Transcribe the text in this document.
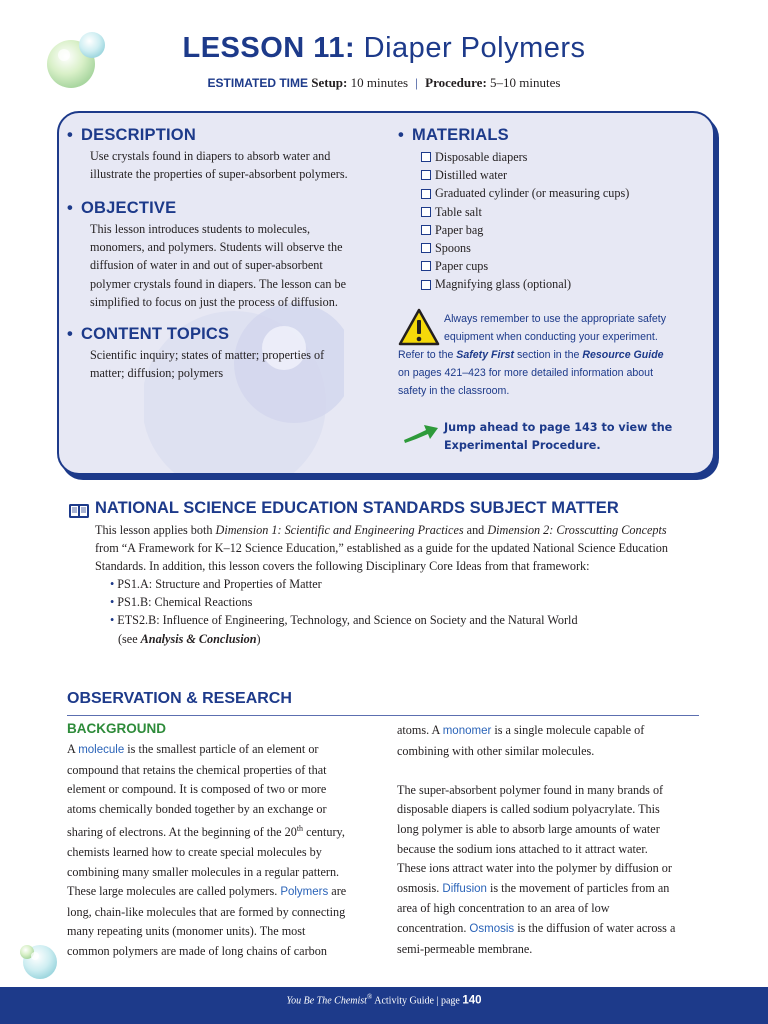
LESSON 11: Diaper Polymers
ESTIMATED TIME Setup: 10 minutes | Procedure: 5–10 minutes
• DESCRIPTION
Use crystals found in diapers to absorb water and
illustrate the properties of super-absorbent polymers.
• OBJECTIVE
This lesson introduces students to molecules,
monomers, and polymers. Students will observe the
diffusion of water in and out of super-absorbent
polymer crystals found in diapers. The lesson can be
simplified to focus on just the process of diffusion.
• CONTENT TOPICS
Scientific inquiry; states of matter; properties of
matter; diffusion; polymers
• MATERIALS
Disposable diapers
Distilled water
Graduated cylinder (or measuring cups)
Table salt
Paper bag
Spoons
Paper cups
Magnifying glass (optional)
Always remember to use the appropriate safety
equipment when conducting your experiment.
Refer to the Safety First section in the Resource Guide
on pages 421–423 for more detailed information about
safety in the classroom.
Jump ahead to page 143 to view the
Experimental Procedure.
NATIONAL SCIENCE EDUCATION STANDARDS SUBJECT MATTER
This lesson applies both Dimension 1: Scientific and Engineering Practices and Dimension 2: Crosscutting Concepts
from “A Framework for K–12 Science Education,” established as a guide for the updated National Science Education
Standards. In addition, this lesson covers the following Disciplinary Core Ideas from that framework:
• PS1.A: Structure and Properties of Matter
• PS1.B: Chemical Reactions
• ETS2.B: Influence of Engineering, Technology, and Science on Society and the Natural World
(see Analysis & Conclusion)
OBSERVATION & RESEARCH
BACKGROUND

A molecule is the smallest particle of an element or

compound that retains the chemical properties of that

element or compound. It is composed of two or more

atoms chemically bonded together by an exchange or

sharing of electrons. At the beginning of the 20th century,

chemists learned how to create special molecules by

combining many smaller molecules in a regular pattern.

These large molecules are called polymers. Polymers are

long, chain-like molecules that are formed by connecting

many repeating units (monomer units). The most

common polymers are made of long chains of carbon

atoms. A monomer is a single molecule capable of

combining with other similar molecules.

The super-absorbent polymer found in many brands of

disposable diapers is called sodium polyacrylate. This

long polymer is able to absorb large amounts of water

because the sodium ions attached to it attract water.

These ions attract water into the polymer by diffusion or

osmosis. Diffusion is the movement of particles from an

area of high concentration to an area of low

concentration. Osmosis is the diffusion of water across a

semi-permeable membrane.

You Be The Chemist® Activity Guide | page 140
